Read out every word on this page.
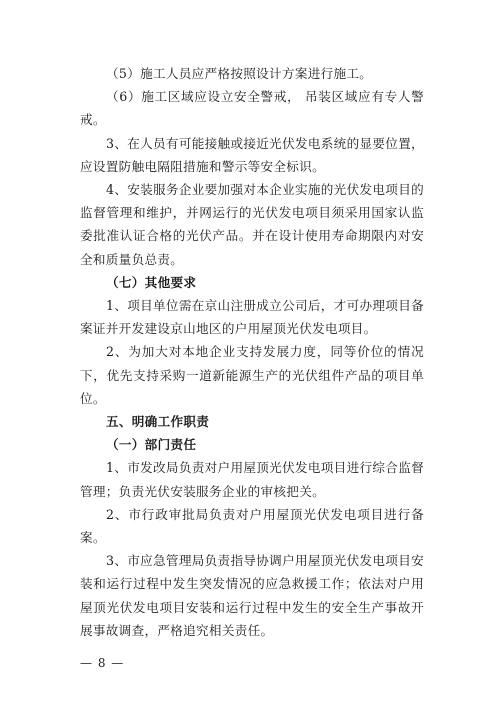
（5）施工人员应严格按照设计方案进行施工。

（6）施工区域应设立安全警戒， 吊装区域应有专人警戒。

3、在人员有可能接触或接近光伏发电系统的显要位置，应设置防触电隔阻措施和警示等安全标识。

4、安装服务企业要加强对本企业实施的光伏发电项目的监督管理和维护，并网运行的光伏发电项目须采用国家认监委批准认证合格的光伏产品。并在设计使用寿命期限内对安全和质量负总责。

（七）其他要求

1、项目单位需在京山注册成立公司后，才可办理项目备案证并开发建设京山地区的户用屋顶光伏发电项目。

2、为加大对本地企业支持发展力度，同等价位的情况下，优先支持采购一道新能源生产的光伏组件产品的项目单位。

五、明确工作职责

（一）部门责任

1、市发改局负责对户用屋顶光伏发电项目进行综合监督管理；负责光伏安装服务企业的审核把关。

2、市行政审批局负责对户用屋顶光伏发电项目进行备案。

3、市应急管理局负责指导协调户用屋顶光伏发电项目安装和运行过程中发生突发情况的应急救援工作；依法对户用屋顶光伏发电项目安装和运行过程中发生的安全生产事故开展事故调查，严格追究相关责任。

— 8 —
